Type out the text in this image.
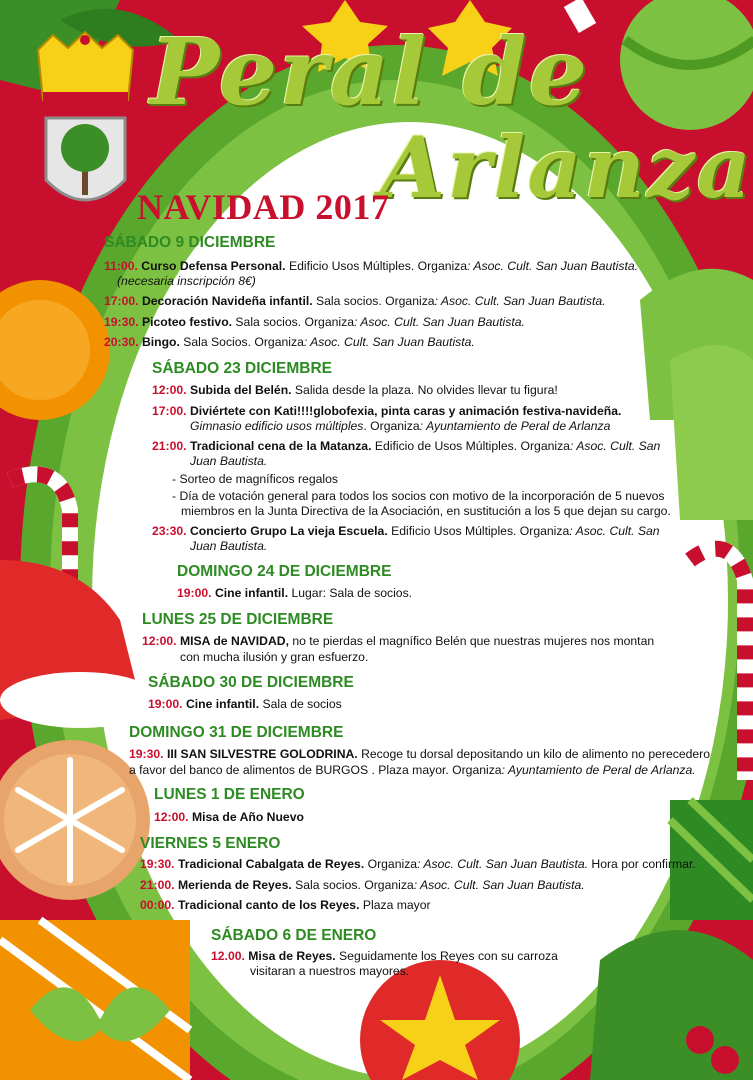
Peral de
Arlanza
NAVIDAD 2017
SÁBADO 9 DICIEMBRE
11:00. Curso Defensa Personal. Edificio Usos Múltiples. Organiza: Asoc. Cult. San Juan Bautista.
(necesaria inscripción 8€)
17:00. Decoración Navideña infantil. Sala socios. Organiza: Asoc. Cult. San Juan Bautista.
19:30. Picoteo festivo. Sala socios. Organiza: Asoc. Cult. San Juan Bautista.
20:30. Bingo. Sala Socios. Organiza: Asoc. Cult. San Juan Bautista.
SÁBADO 23 DICIEMBRE
12:00. Subida del Belén. Salida desde la plaza. No olvides llevar tu figura!
17:00. Diviértete con Kati!!!!globofexia, pinta caras y animación festiva-navideña.
Gimnasio edificio usos múltiples. Organiza: Ayuntamiento de Peral de Arlanza
21:00. Tradicional cena de la Matanza. Edificio de Usos Múltiples. Organiza: Asoc. Cult. San
Juan Bautista.
- Sorteo de magníficos regalos
- Día de votación general para todos los socios con motivo de la incorporación de 5 nuevos
miembros en la Junta Directiva de la Asociación, en sustitución a los 5 que dejan su cargo.
23:30. Concierto Grupo La vieja Escuela. Edificio Usos Múltiples. Organiza: Asoc. Cult. San
Juan Bautista.
DOMINGO 24 DE DICIEMBRE
19:00. Cine infantil. Lugar: Sala de socios.
LUNES 25 DE DICIEMBRE
12:00. MISA de NAVIDAD, no te pierdas el magnífico Belén que nuestras mujeres nos montan
con mucha ilusión y gran esfuerzo.
SÁBADO 30 DE DICIEMBRE
19:00. Cine infantil. Sala de socios
DOMINGO 31 DE DICIEMBRE
19:30. III SAN SILVESTRE GOLODRINA. Recoge tu dorsal depositando un kilo de alimento no perecedero
a favor del banco de alimentos de BURGOS . Plaza mayor. Organiza: Ayuntamiento de Peral de Arlanza.
LUNES 1 DE ENERO
12:00. Misa de Año Nuevo
VIERNES 5 ENERO
19:30. Tradicional Cabalgata de Reyes. Organiza: Asoc. Cult. San Juan Bautista. Hora por confirmar.
21:00. Merienda de Reyes. Sala socios. Organiza: Asoc. Cult. San Juan Bautista.
00:00. Tradicional canto de los Reyes. Plaza mayor
SÁBADO 6 DE ENERO
12.00. Misa de Reyes. Seguidamente los Reyes con su carroza
visitaran a nuestros mayores.
